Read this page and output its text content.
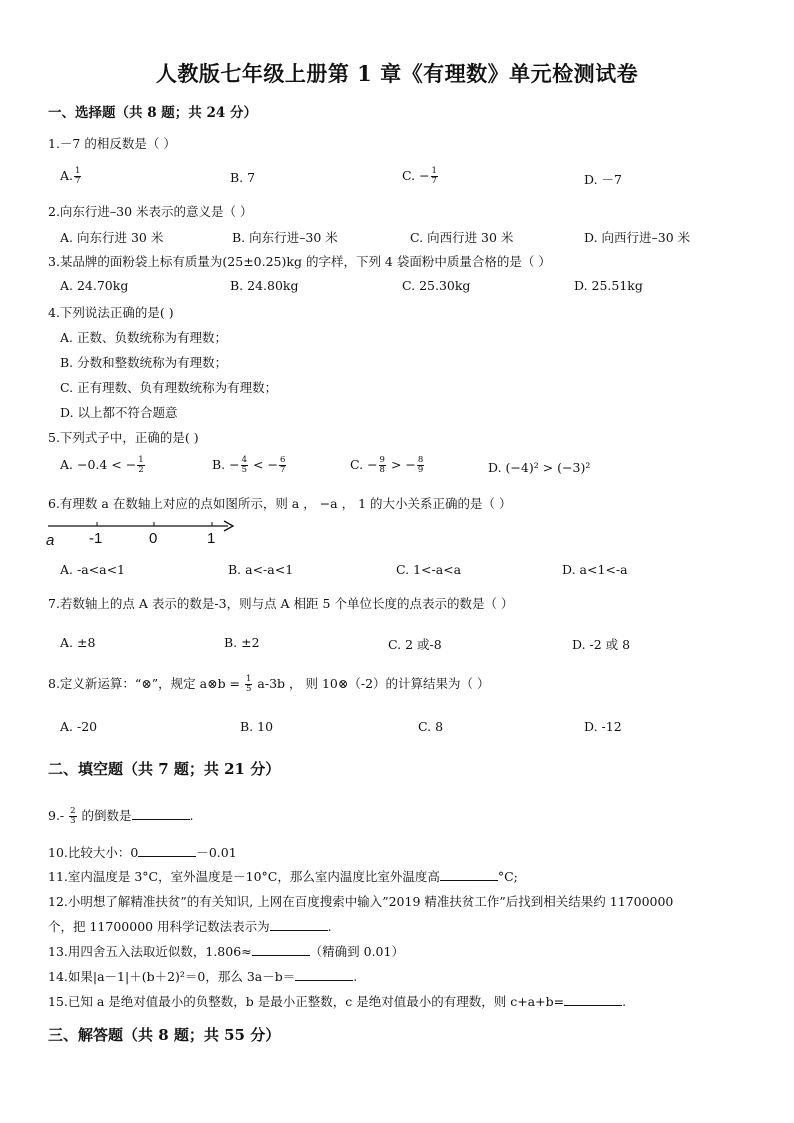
人教版七年级上册第 1 章《有理数》单元检测试卷
一、选择题（共 8 题；共 24 分）
1.－7 的相反数是（ ）
A. $\frac{1}{7}$	B. 7	C. − $\frac{1}{7}$	D. －7
2.向东行进–30 米表示的意义是（ ）
A. 向东行进 30 米	B. 向东行进–30 米	C. 向西行进 30 米	D. 向西行进–30 米
3.某品牌的面粉袋上标有质量为(25±0.25)kg 的字样，下列 4 袋面粉中质量合格的是（ ）
A. 24.70kg	B. 24.80kg	C. 25.30kg	D. 25.51kg
4.下列说法正确的是( )
A. 正数、负数统称为有理数；
B. 分数和整数统称为有理数；
C. 正有理数、负有理数统称为有理数；
D. 以上都不符合题意
5.下列式子中，正确的是( )
A. −0.4 < − $\frac{1}{2}$	B. − $\frac{4}{5}$ < − $\frac{6}{7}$	C. − $\frac{9}{8}$ > − $\frac{8}{9}$	D. (−4)² > (−3)²
6.有理数 a 在数轴上对应的点如图所示，则 a ， −a ， 1 的大小关系正确的是（ ）
a -1	0	1
A. -a<a<1	B. a<-a<1	C. 1<-a<a	D. a<1<-a
7.若数轴上的点 A 表示的数是-3，则与点 A 相距 5 个单位长度的点表示的数是（ ）
A. ±8	B. ±2	C. 2 或-8	D. -2 或 8
8.定义新运算：“⊗”，规定 a⊗b = $\frac{1}{5} a-3b$ ， 则 10⊗（-2）的计算结果为（ ）
A. -20	B. 10	C. 8	D. -12
二、填空题（共 7 题；共 21 分）
$9.- \frac{2}{3}$ 的倒数是	.
10.比较大小：0	－0.01
11.室内温度是 3°C，室外温度是－10°C，那么室内温度比室外温度高	°C;
12.小明想了解精准扶贫”的有关知识, 上网在百度搜索中输入”2019 精准扶贫工作”后找到相关结果约 11700000
个，把 11700000 用科学记数法表示为	.
13.用四舍五入法取近似数，1.806≈	（精确到 0.01）
14.如果|a－1|＋(b＋2)²＝0，那么 3a－b＝	.
15.已知 a 是绝对值最小的负整数，b 是最小正整数，c 是绝对值最小的有理数，则 c+a+b=	.
三、解答题（共 8 题；共 55 分）
